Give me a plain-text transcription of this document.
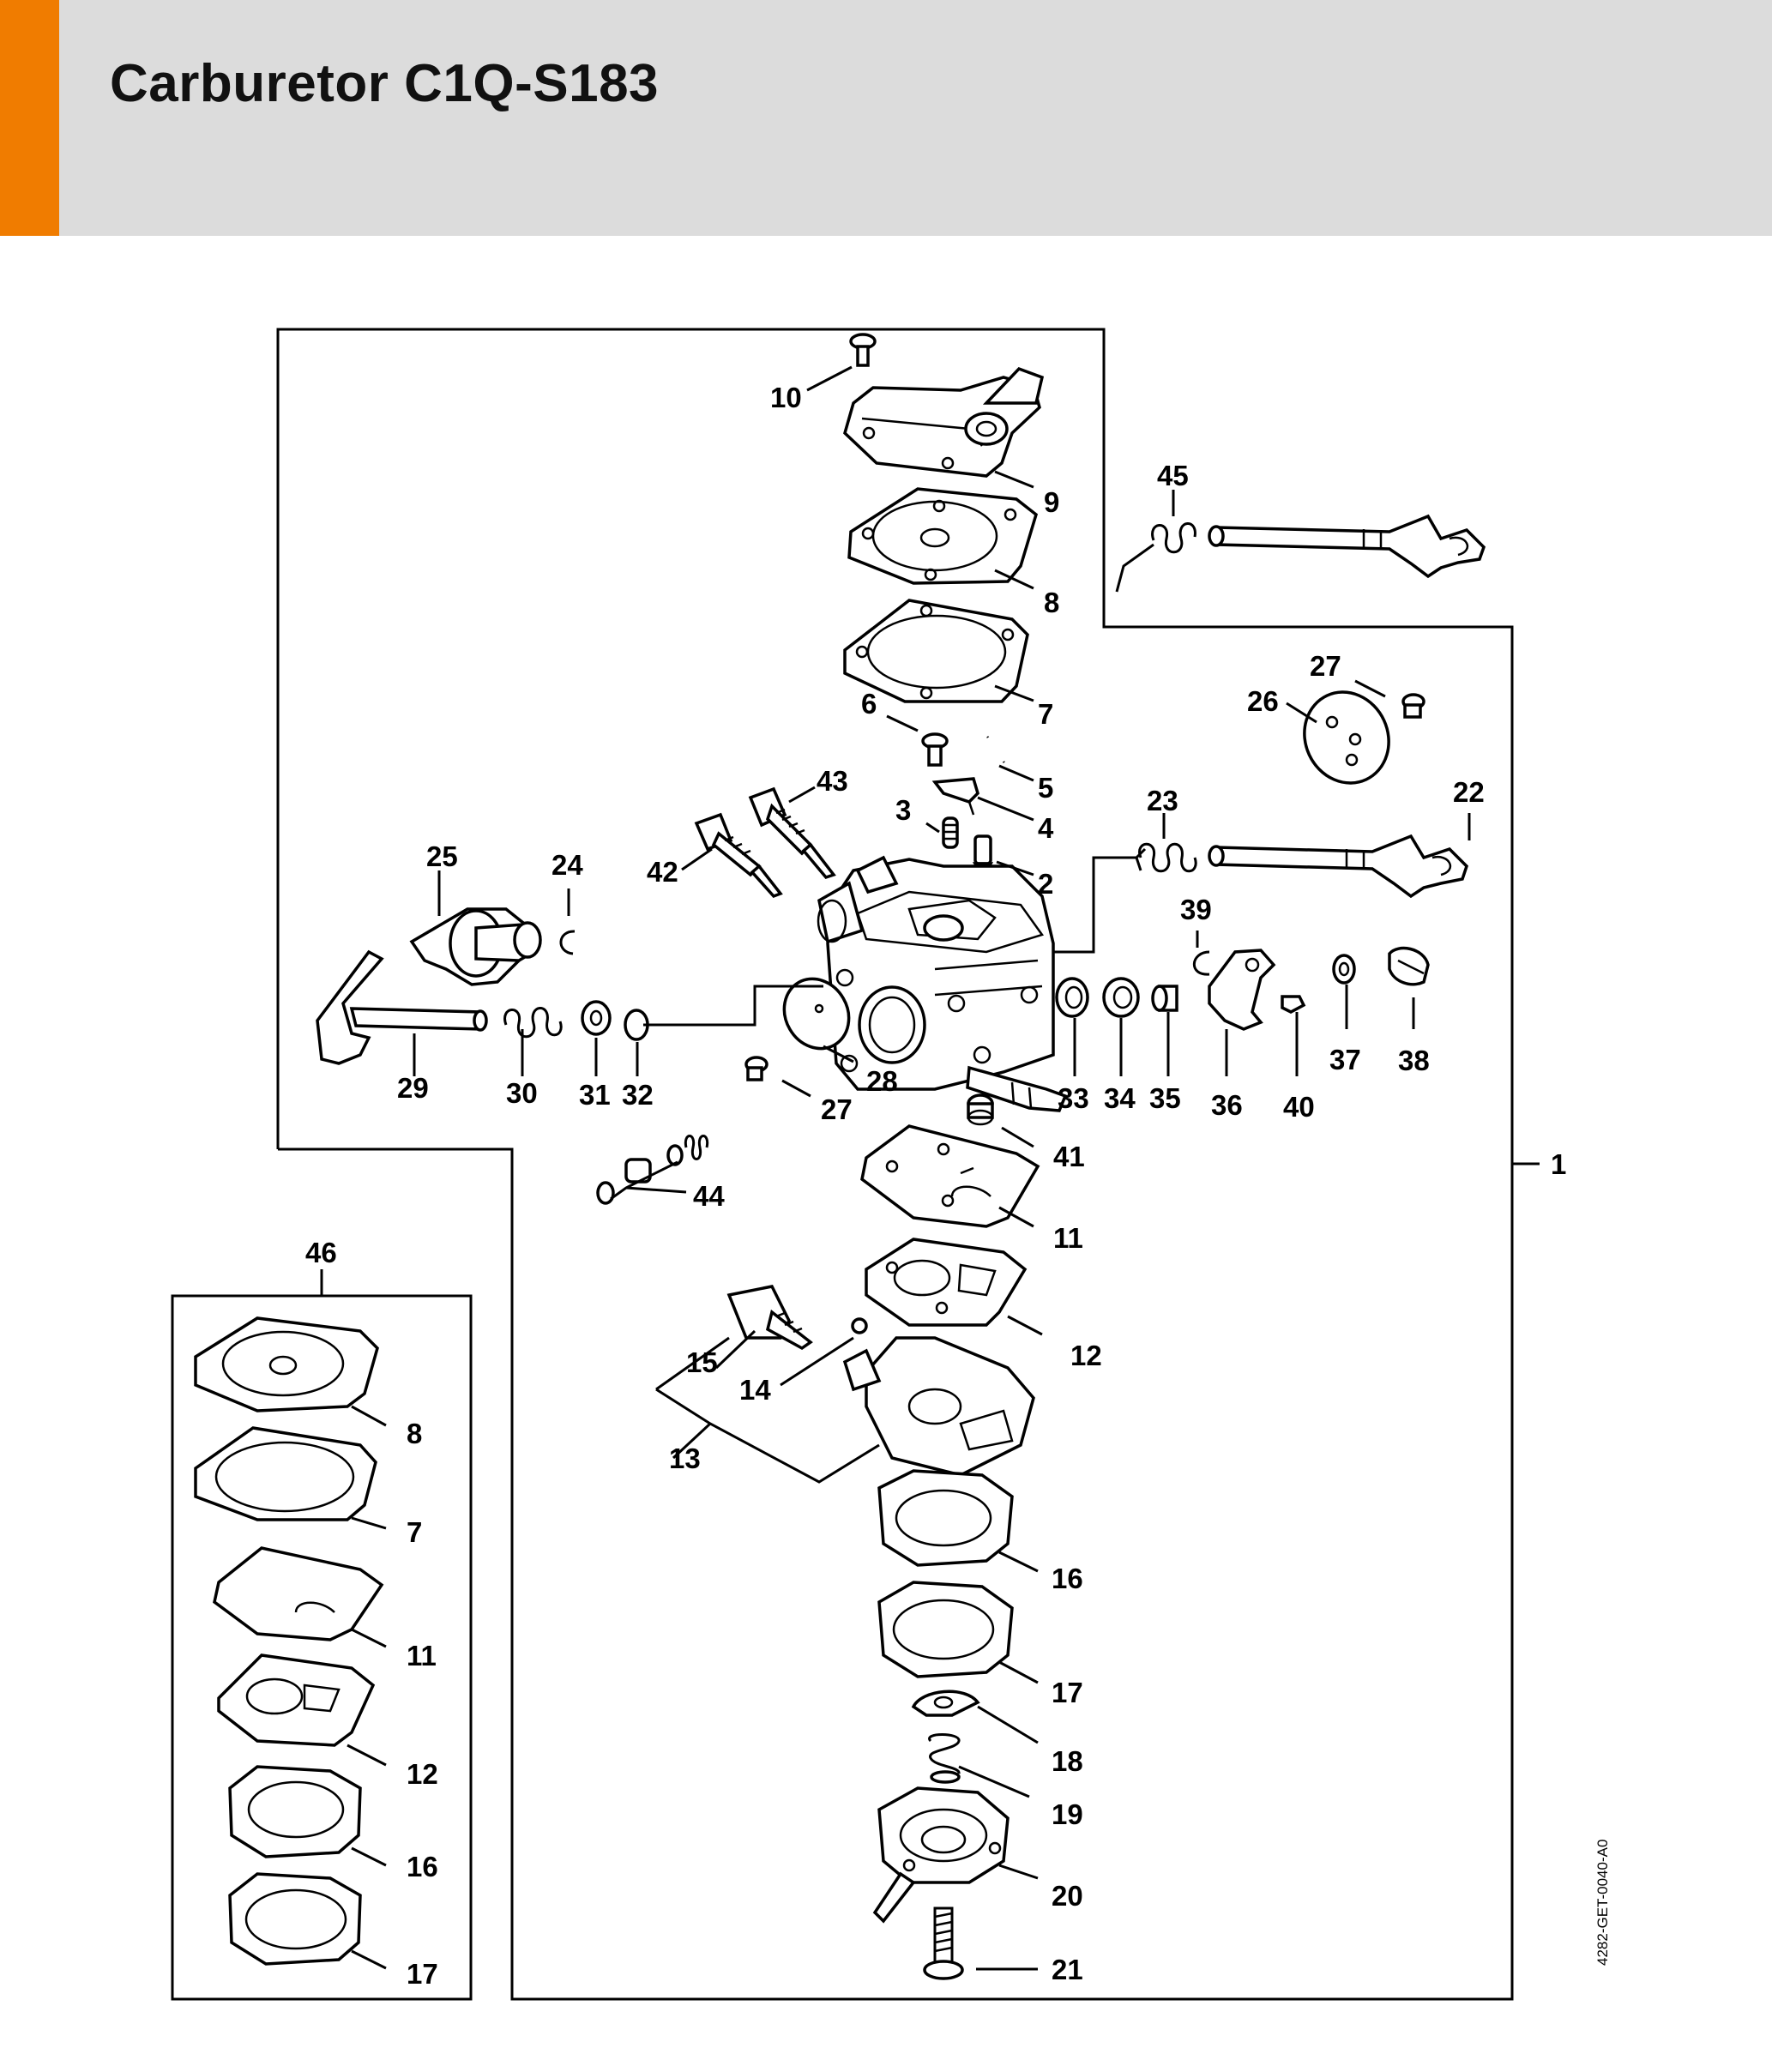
Carburetor C1Q-S183
10
9
8
7
6
5
4
3
2
43
42
45
27
26
23	22
25	24
39
29	30 31 32	28
27	33 34 35 36 40
37 38
41
44
1
11
12
15
14
13
16
17
18
19
20
21
46
8
7
11
12
16
17
4282-GET-0040-A0
